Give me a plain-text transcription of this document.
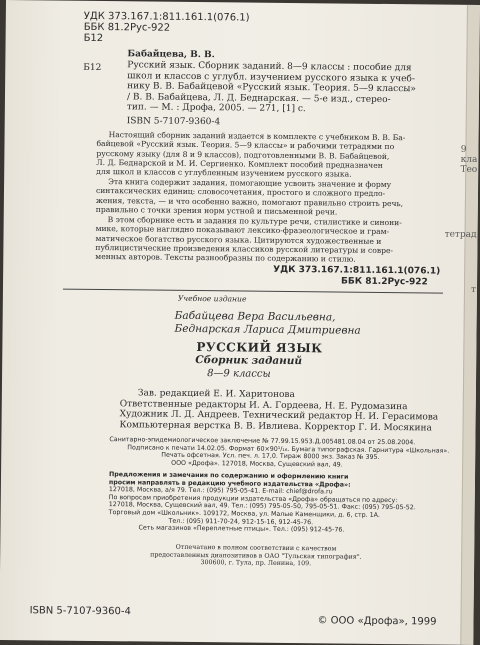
УДК 373.167.1:811.161.1(076.1)
ББК 81.2Рус-922
Б12
Бабайцева, В. В.
Б12	Русский язык. Сборник заданий. 8—9 классы : пособие для
школ и классов с углубл. изучением русского языка к учеб-
нику В. В. Бабайцевой «Русский язык. Теория. 5—9 классы»
/ В. В. Бабайцева, Л. Д. Беднарская. — 5-е изд., стерео-
тип. — М. : Дрофа, 2005. — 271, [1] с.
ISBN 5-7107-9360-4
Настоящий сборник заданий издается в комплекте с учебником В. В. Ба-
байцевой «Русский язык. Теория. 5—9 классы» и рабочими тетрадями по
русскому языку (для 8 и 9 классов), подготовленными В. В. Бабайцевой,
Л. Д. Беднарской и М. И. Сергиенко. Комплект пособий предназначен
для школ и классов с углубленным изучением русского языка.
Эта книга содержит задания, помогающие усвоить значение и форму
синтаксических единиц: словосочетания, простого и сложного предло-
жения, текста, — и что особенно важно, помогают правильно строить речь,
правильно с точки зрения норм устной и письменной речи.
В этом сборнике есть и задания по культуре речи, стилистике и синони-
мике, которые наглядно показывают лексико-фразеологическое и грам-
матическое богатство русского языка. Цитируются художественные и
публицистические произведения классиков русской литературы и совре-
менных авторов. Тексты разнообразны по содержанию и стилю.
УДК 373.167.1:811.161.1(076.1)
ББК 81.2Рус-922
Учебное издание
Бабайцева Вера Васильевна,
Беднарская Лариса Дмитриевна
РУССКИЙ ЯЗЫК
Сборник заданий
8—9 классы
Зав. редакцией Е. И. Харитонова
Ответственные редакторы И. А. Гордеева, Н. Е. Рудомазина
Художник Л. Д. Андреев. Технический редактор Н. И. Герасимова
Компьютерная верстка В. В. Ивлиева. Корректор Г. И. Мосякина
Санитарно-эпидемиологическое заключение № 77.99.15.953.Д.005481.08.04 от 25.08.2004.
Подписано к печати 14.02.05. Формат 60×90¹/₁₆. Бумага типографская. Гарнитура «Школьная».
Печать офсетная. Усл. печ. л. 17,0. Тираж 8000 экз. Заказ № 395.
ООО «Дрофа». 127018, Москва, Сущевский вал, 49.
Предложения и замечания по содержанию и оформлению книги
просим направлять в редакцию учебного издательства «Дрофа»:
127018, Москва, а/я 79. Тел.: (095) 795-05-41. E-mail: chief@drofa.ru
По вопросам приобретения продукции издательства «Дрофа» обращаться по адресу:
127018, Москва, Сущевский вал, 49. Тел.: (095) 795-05-50, 795-05-51. Факс: (095) 795-05-52.
Торговый дом «Школьник». 109172, Москва, ул. Малые Каменщики, д. 6, стр. 1А.
Тел.: (095) 911-70-24, 912-15-16, 912-45-76.
Сеть магазинов «Переплетные птицы». Тел.: (095) 912-45-76.
Отпечатано в полном соответствии с качеством
предоставленных диапозитивов в ОАО "Тульская типография".
300600, г. Тула, пр. Ленина, 109.
ISBN 5-7107-9360-4
© ООО «Дрофа», 1999
9 кла
Тео
тетрад
т
